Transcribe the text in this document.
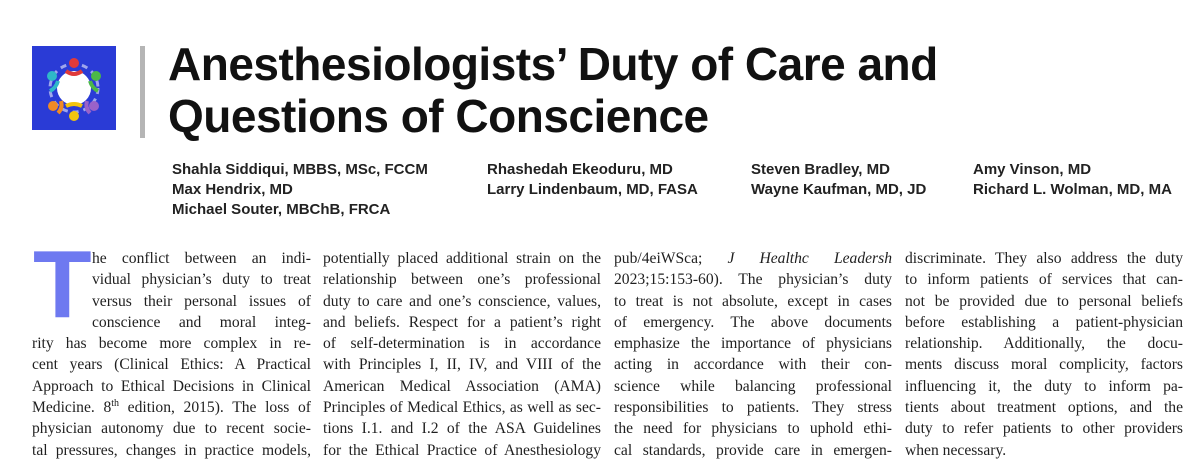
Anesthesiologists’ Duty of Care and
Questions of Conscience
Shahla Siddiqui, MBBS, MSc, FCCM
Max Hendrix, MD
Michael Souter, MBChB, FRCA
Rhashedah Ekeoduru, MD
Larry Lindenbaum, MD, FASA
Steven Bradley, MD
Wayne Kaufman, MD, JD
Amy Vinson, MD
Richard L. Wolman, MD, MA
T he conflict between an indi-
vidual physician’s duty to treat
versus their personal issues of
conscience and moral integ-
rity has become more complex in re-
cent years (Clinical Ethics: A Practical
Approach to Ethical Decisions in Clinical
Medicine. 8th edition, 2015). The loss of
physician autonomy due to recent socie-
tal pressures, changes in practice models,
potentially placed additional strain on the
relationship between one’s professional
duty to care and one’s conscience, values,
and beliefs. Respect for a patient’s right
of self-determination is in accordance
with Principles I, II, IV, and VIII of the
American Medical Association (AMA)
Principles of Medical Ethics, as well as sec-
tions I.1. and I.2 of the ASA Guidelines
for the Ethical Practice of Anesthesiology
pub/4eiWSca; J Healthc Leadersh
2023;15:153-60). The physician’s duty
to treat is not absolute, except in cases
of emergency. The above documents
emphasize the importance of physicians
acting in accordance with their con-
science while balancing professional
responsibilities to patients. They stress
the need for physicians to uphold ethi-
cal standards, provide care in emergen-
discriminate. They also address the duty
to inform patients of services that can-
not be provided due to personal beliefs
before establishing a patient-physician
relationship. Additionally, the docu-
ments discuss moral complicity, factors
influencing it, the duty to inform pa-
tients about treatment options, and the
duty to refer patients to other providers
when necessary.
